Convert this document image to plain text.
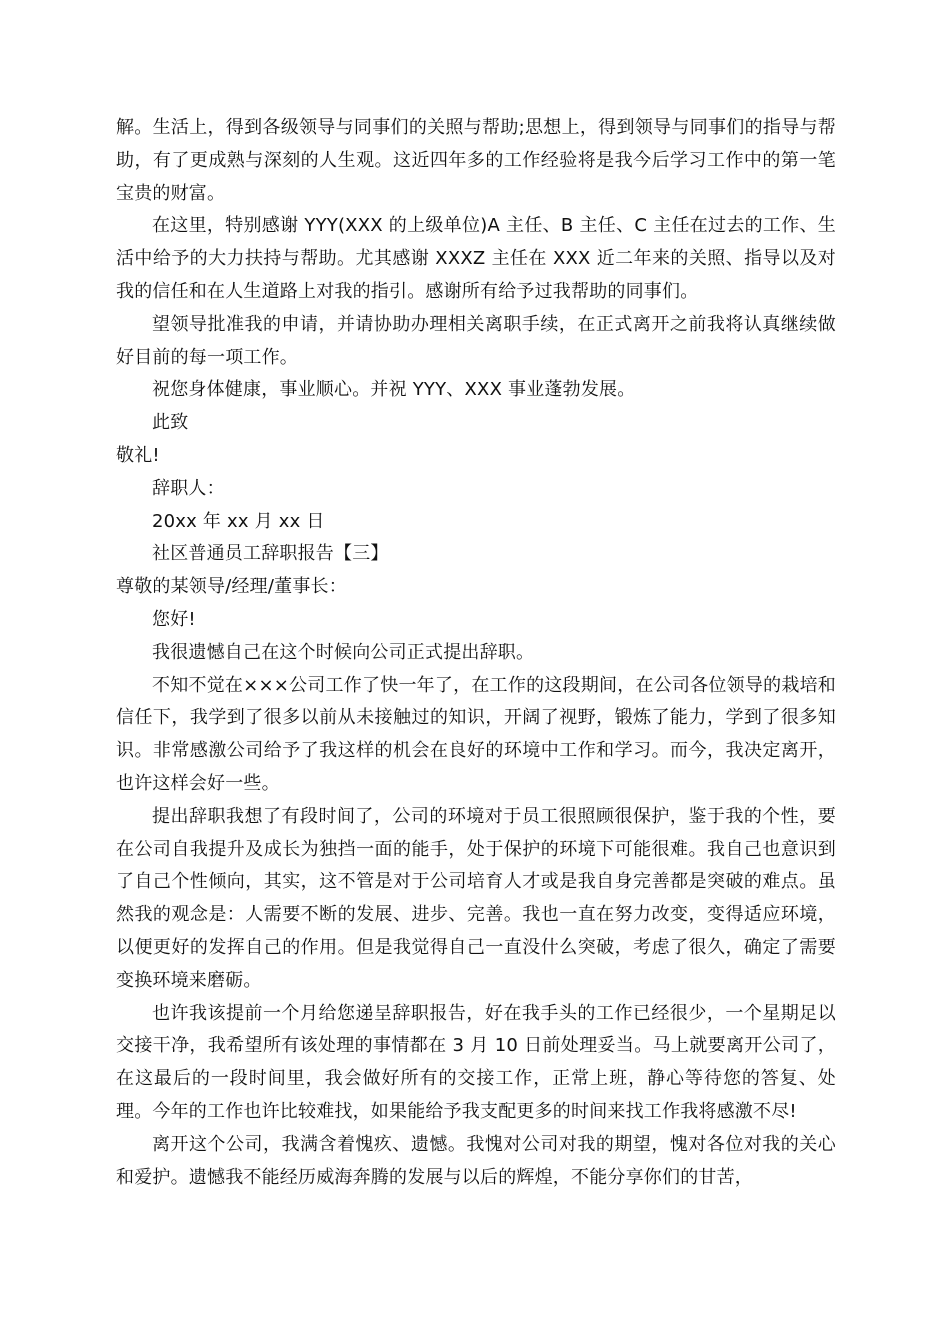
解。生活上，得到各级领导与同事们的关照与帮助;思想上，得到领导与同事们的指导与帮助，有了更成熟与深刻的人生观。这近四年多的工作经验将是我今后学习工作中的第一笔宝贵的财富。

在这里，特别感谢 YYY(XXX 的上级单位)A 主任、B 主任、C 主任在过去的工作、生活中给予的大力扶持与帮助。尤其感谢 XXXZ 主任在 XXX 近二年来的关照、指导以及对我的信任和在人生道路上对我的指引。感谢所有给予过我帮助的同事们。

望领导批准我的申请，并请协助办理相关离职手续，在正式离开之前我将认真继续做好目前的每一项工作。

祝您身体健康，事业顺心。并祝 YYY、XXX 事业蓬勃发展。

此致

敬礼!

辞职人：

20xx 年 xx 月 xx 日

社区普通员工辞职报告【三】

尊敬的某领导/经理/董事长：

您好!

我很遗憾自己在这个时候向公司正式提出辞职。

不知不觉在×××公司工作了快一年了，在工作的这段期间，在公司各位领导的栽培和信任下，我学到了很多以前从未接触过的知识，开阔了视野，锻炼了能力，学到了很多知识。非常感激公司给予了我这样的机会在良好的环境中工作和学习。而今，我决定离开，也许这样会好一些。

提出辞职我想了有段时间了，公司的环境对于员工很照顾很保护，鉴于我的个性，要在公司自我提升及成长为独挡一面的能手，处于保护的环境下可能很难。我自己也意识到了自己个性倾向，其实，这不管是对于公司培育人才或是我自身完善都是突破的难点。虽然我的观念是：人需要不断的发展、进步、完善。我也一直在努力改变，变得适应环境，以便更好的发挥自己的作用。但是我觉得自己一直没什么突破，考虑了很久，确定了需要变换环境来磨砺。

也许我该提前一个月给您递呈辞职报告，好在我手头的工作已经很少，一个星期足以交接干净，我希望所有该处理的事情都在 3 月 10 日前处理妥当。马上就要离开公司了，在这最后的一段时间里，我会做好所有的交接工作，正常上班，静心等待您的答复、处理。今年的工作也许比较难找，如果能给予我支配更多的时间来找工作我将感激不尽!

离开这个公司，我满含着愧疚、遗憾。我愧对公司对我的期望，愧对各位对我的关心和爱护。遗憾我不能经历威海奔腾的发展与以后的辉煌，不能分享你们的甘苦，
